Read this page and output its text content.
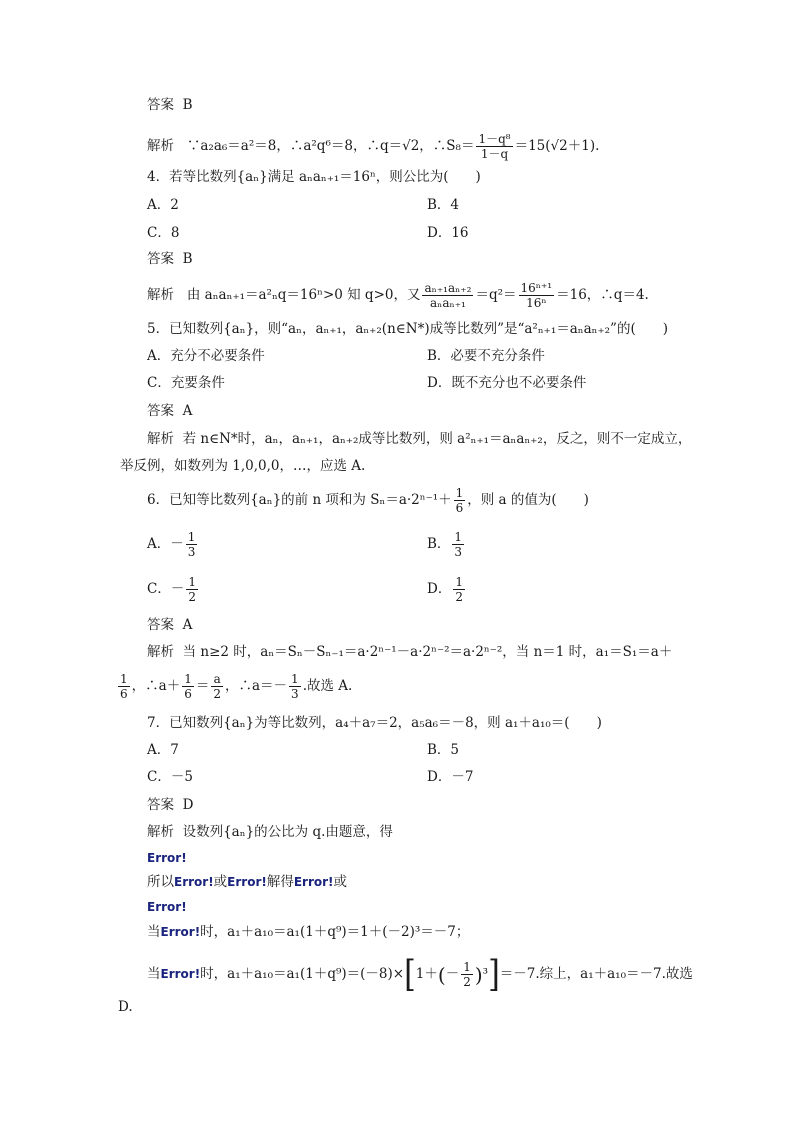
答案 B
解析 ∵a₂a₆＝a²＝8，∴a²q⁶＝8，∴q＝√2，∴S₈＝ $\frac{\text{1－q⁸}}{1-q} =15(√2+1)$.
4．若等比数列{aₙ}满足 aₙaₙ₊₁＝16ⁿ，则公比为(　　)
A．2	B．4
C．8	D．16
答案 B
解析 由 aₙaₙ₊₁＝a²ₙq＝16ⁿ>0 知 q>0，又 $\frac{\text{aₙ₊₁aₙ₊₂}}{\text{aₙaₙ₊₁}} =q^2= \frac{\text{16ⁿ⁺¹}}{\text{16ⁿ}} =16$，∴q＝4.
5．已知数列{aₙ}，则“aₙ，aₙ₊₁，aₙ₊₂(n∈N*)成等比数列”是“a²ₙ₊₁＝aₙaₙ₊₂”的(　　)
A．充分不必要条件	B．必要不充分条件
C．充要条件	D．既不充分也不必要条件
答案 A
解析 若 n∈N*时，aₙ，aₙ₊₁，aₙ₊₂成等比数列，则 a²ₙ₊₁＝aₙaₙ₊₂，反之，则不一定成立，
举反例，如数列为 1,0,0,0，…，应选 A.
6．已知等比数列{aₙ}的前 n 项和为 $S_n=a\cdot 2^{n-1}+ \frac{1}{6}$ ，则 a 的值为(　　)
A．－ $\frac{1}{3}$	B． $\frac{1}{3}$
C．－ $\frac{1}{2}$	D． $\frac{1}{2}$
答案 A
解析 当 n≥2 时，aₙ＝Sₙ－Sₙ₋₁＝a·2ⁿ⁻¹－a·2ⁿ⁻²＝a·2ⁿ⁻²，当 n＝1 时，a₁＝S₁＝a＋
$\frac{1}{6}$ ，∴a＋ $\frac{1}{6} = \frac{a}{2}$ ，∴a＝－ $\frac{1}{3}$ .故选 A.
7．已知数列{aₙ}为等比数列，a₄＋a₇＝2，a₅a₆＝－8，则 a₁＋a₁₀＝(　　)
A．7	B．5
C．－5	D．－7
答案 D
解析 设数列{aₙ}的公比为 q.由题意，得
Error!
所以Error!或Error!解得Error!或
Error!
当Error!时，a₁＋a₁₀＝a₁(1＋q⁹)＝1＋(－2)³＝－7；
当Error!时，$a_1+a_{10}=a_1(1+q^9)=(-8)\times[1+(- \frac{1}{2} )^3]=-7$.综上，a₁＋a₁₀＝－7.故选
D.
